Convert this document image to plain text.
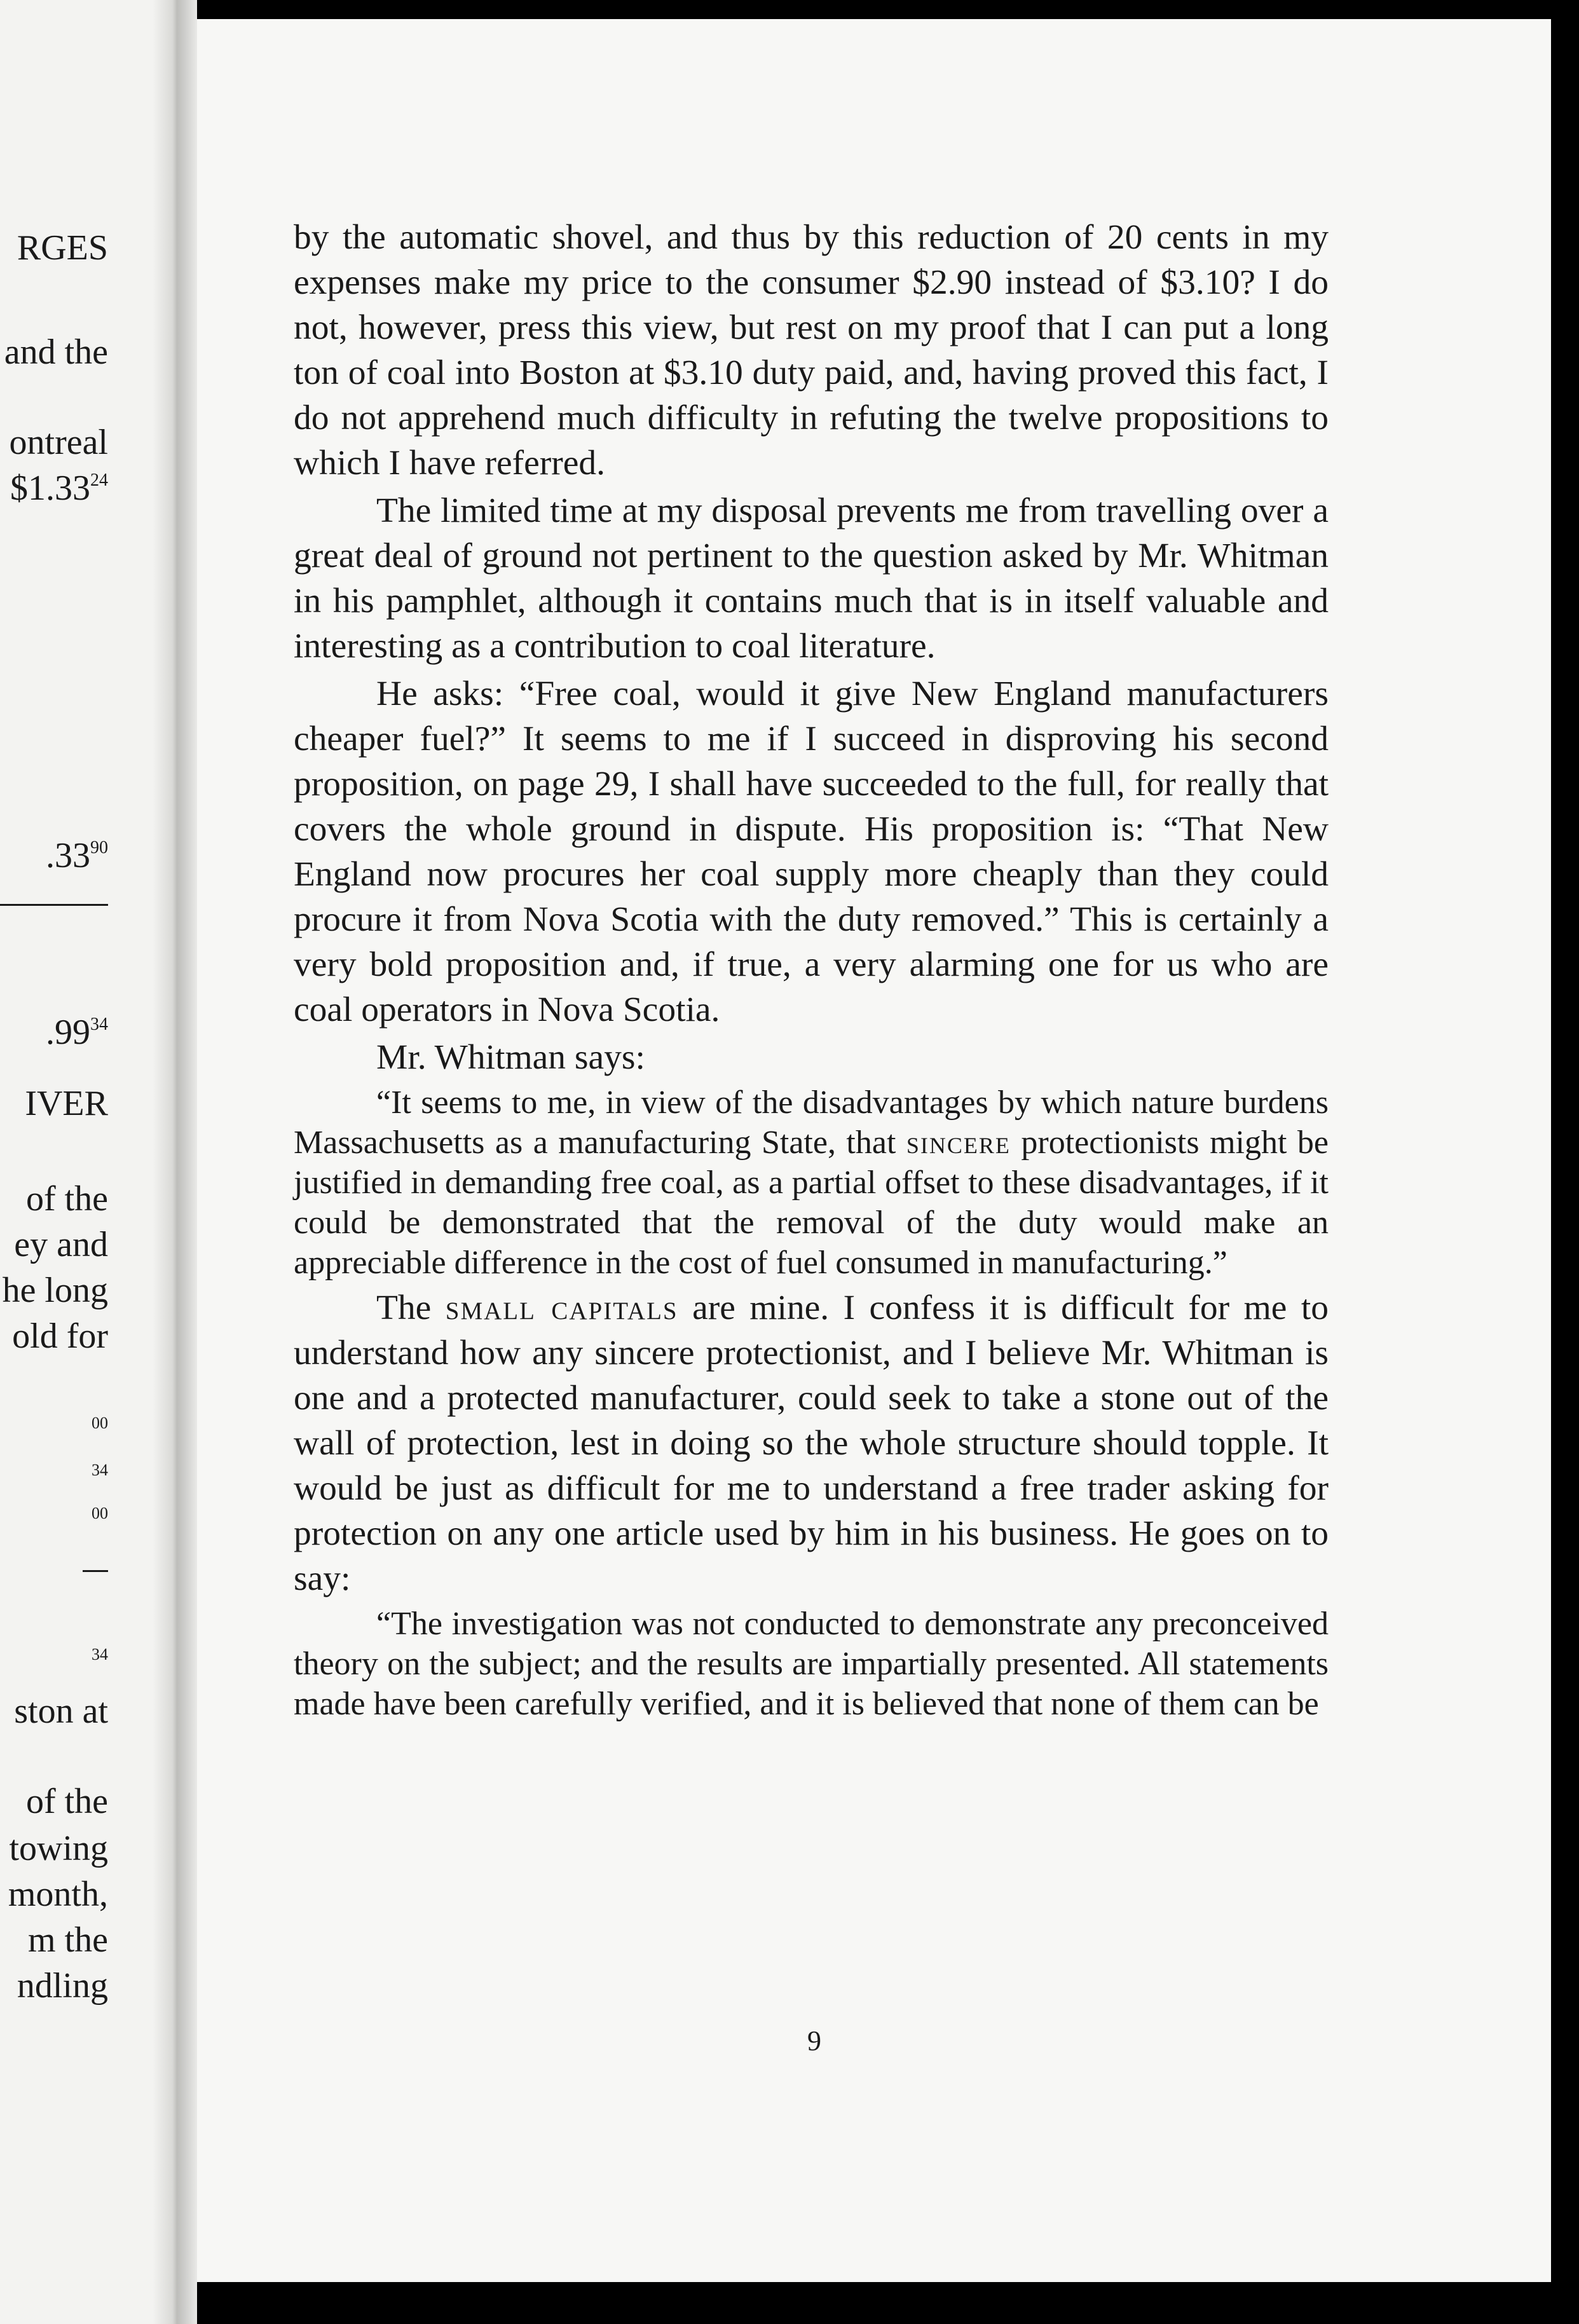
RGES
and the
ontreal
$1.33$^{24}$
$.33^{90}$
$.99^{34}$
IVER
of the
ey and
he long
old for
00
34
00
34
ston at
of the
towing
month,
m the
ndling

by the automatic shovel, and thus by this reduction of 20 cents in my expenses make my price to the consumer $2.90 instead of $3.10? I do not, however, press this view, but rest on my proof that I can put a long ton of coal into Boston at $3.10 duty paid, and, having proved this fact, I do not apprehend much difficulty in refuting the twelve propositions to which I have referred.

The limited time at my disposal prevents me from travelling over a great deal of ground not pertinent to the question asked by Mr. Whitman in his pamphlet, although it contains much that is in itself valuable and interesting as a contribution to coal literature.

He asks: “Free coal, would it give New England manufacturers cheaper fuel?” It seems to me if I succeed in disproving his second proposition, on page 29, I shall have succeeded to the full, for really that covers the whole ground in dispute. His proposition is: “That New England now procures her coal supply more cheaply than they could procure it from Nova Scotia with the duty removed.” This is certainly a very bold proposition and, if true, a very alarming one for us who are coal operators in Nova Scotia.

Mr. Whitman says:

“It seems to me, in view of the disadvantages by which nature burdens Massachusetts as a manufacturing State, that sincere protectionists might be justified in demanding free coal, as a partial offset to these disadvantages, if it could be demonstrated that the removal of the duty would make an appreciable difference in the cost of fuel consumed in manufacturing.”

The small capitals are mine. I confess it is difficult for me to understand how any sincere protectionist, and I believe Mr. Whitman is one and a protected manufacturer, could seek to take a stone out of the wall of protection, lest in doing so the whole structure should topple. It would be just as difficult for me to understand a free trader asking for protection on any one article used by him in his business. He goes on to say:

“The investigation was not conducted to demonstrate any preconceived theory on the subject; and the results are impartially presented. All statements made have been carefully verified, and it is believed that none of them can be

9
